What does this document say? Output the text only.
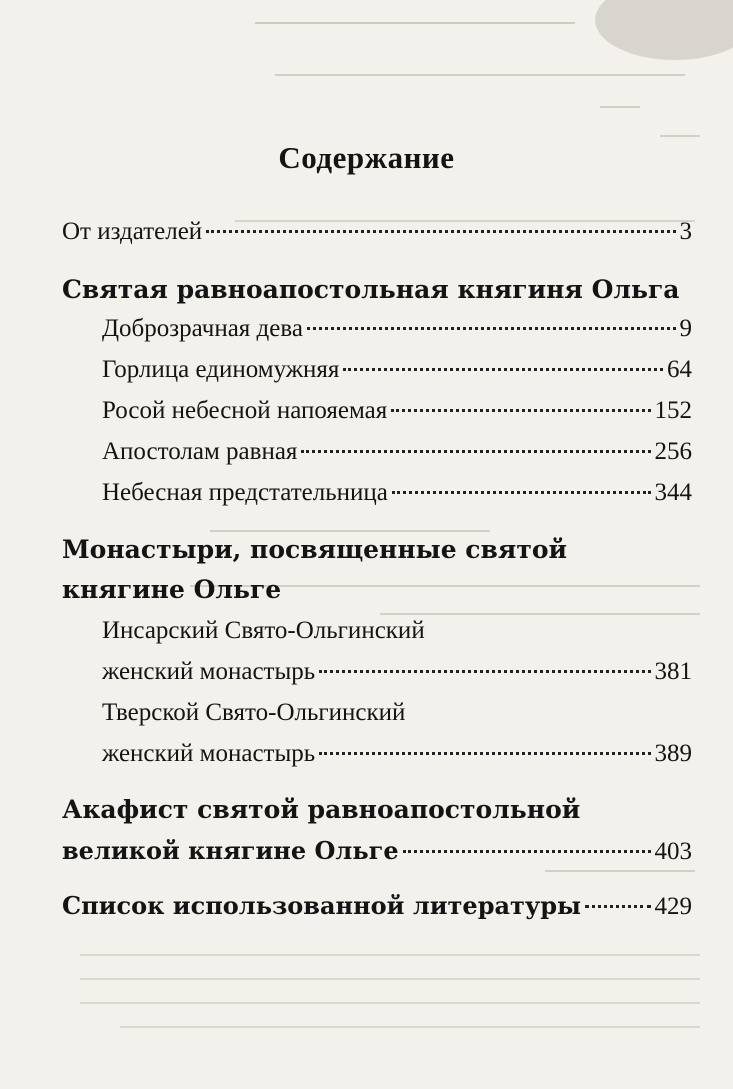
Содержание
От издателей	3
Святая равноапостольная княгиня Ольга
Доброзрачная дева	9
Горлица единомужняя	64
Росой небесной напояемая	152
Апостолам равная	256
Небесная предстательница	344
Монастыри, посвященные святой
княгине Ольге
Инсарский Свято-Ольгинский
женский монастырь	381
Тверской Свято-Ольгинский
женский монастырь	389
Акафист святой равноапостольной
великой княгине Ольге	403
Список использованной литературы	429
